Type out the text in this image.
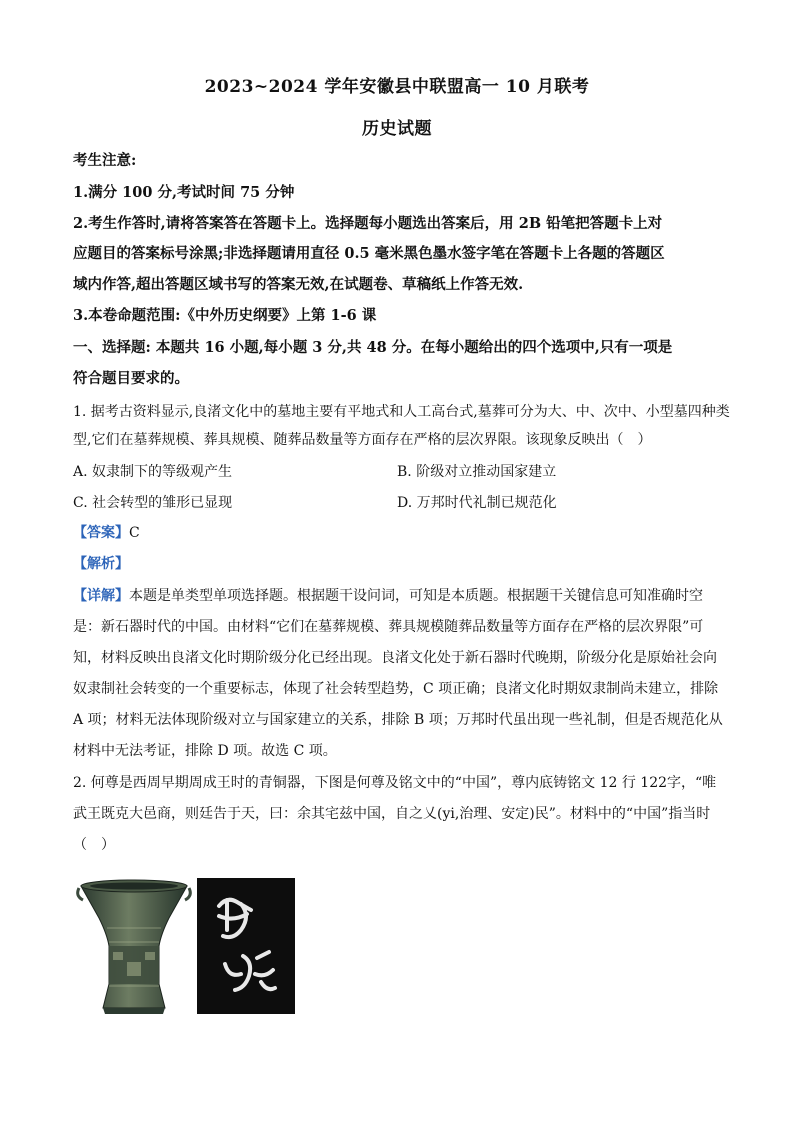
2023~2024 学年安徽县中联盟高一 10 月联考
历史试题
考生注意:
1.满分 100 分,考试时间 75 分钟
2.考生作答时,请将答案答在答题卡上。选择题每小题选出答案后，用 2B 铅笔把答题卡上对
应题目的答案标号涂黑;非选择题请用直径 0.5 毫米黑色墨水签字笔在答题卡上各题的答题区
域内作答,超出答题区域书写的答案无效,在试题卷、草稿纸上作答无效.
3.本卷命题范围:《中外历史纲要》上第 1-6 课
一、选择题: 本题共 16 小题,每小题 3 分,共 48 分。在每小题给出的四个选项中,只有一项是
符合题目要求的。
1. 据考古资料显示,良渚文化中的墓地主要有平地式和人工高台式,墓葬可分为大、中、次中、小型墓四种类
型,它们在墓葬规模、葬具规模、随葬品数量等方面存在严格的层次界限。该现象反映出（　）
A. 奴隶制下的等级观产生	B. 阶级对立推动国家建立
C. 社会转型的雏形已显现	D. 万邦时代礼制已规范化
【答案】C
【解析】
【详解】本题是单类型单项选择题。根据题干设问词，可知是本质题。根据题干关键信息可知准确时空
是：新石器时代的中国。由材料“它们在墓葬规模、葬具规模随葬品数量等方面存在严格的层次界限”可
知，材料反映出良渚文化时期阶级分化已经出现。良渚文化处于新石器时代晚期，阶级分化是原始社会向
奴隶制社会转变的一个重要标志，体现了社会转型趋势，C 项正确；良渚文化时期奴隶制尚未建立，排除
A 项；材料无法体现阶级对立与国家建立的关系，排除 B 项；万邦时代虽出现一些礼制，但是否规范化从
材料中无法考证，排除 D 项。故选 C 项。
2. 何尊是西周早期周成王时的青铜器，下图是何尊及铭文中的“中国”，尊内底铸铭文 12 行 122字，“唯
武王既克大邑商，则廷告于天，曰：余其宅兹中国，自之乂(yi,治理、安定)民”。材料中的“中国”指当时
（　）
